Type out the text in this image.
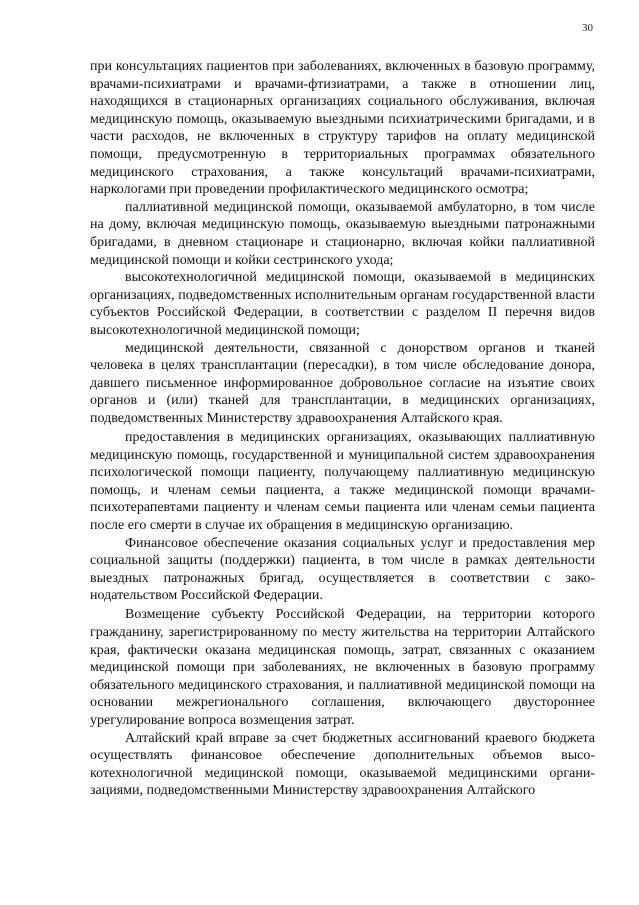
30

при консультациях пациентов при заболеваниях, включенных в базовую программу, врачами-психиатрами и врачами-фтизиатрами, а также в отношении лиц, находящихся в стационарных организациях социального обслуживания, включая медицинскую помощь, оказываемую выездными психиатрическими бригадами, и в части расходов, не включенных в структуру тарифов на оплату медицинской помощи, предусмотренную в территориальных программах обязательного медицинского страхования, а также консультаций врачами-психиатрами, наркологами при проведении профилактического медицинского осмотра;

паллиативной медицинской помощи, оказываемой амбулаторно, в том числе на дому, включая медицинскую помощь, оказываемую выездными патронажными бригадами, в дневном стационаре и стационарно, включая койки паллиативной медицинской помощи и койки сестринского ухода;

высокотехнологичной медицинской помощи, оказываемой в медицинских организациях, подведомственных исполнительным органам государственной власти субъектов Российской Федерации, в соответствии с разделом II перечня видов высокотехнологичной медицинской помощи;

медицинской деятельности, связанной с донорством органов и тканей человека в целях трансплантации (пересадки), в том числе обследование донора, давшего письменное информированное добровольное согласие на изъятие своих органов и (или) тканей для трансплантации, в медицинских организациях, подведомственных Министерству здравоохранения Алтайского края.

предоставления в медицинских организациях, оказывающих паллиативную медицинскую помощь, государственной и муниципальной систем здравоохранения психологической помощи пациенту, получающему паллиативную медицинскую помощь, и членам семьи пациента, а также медицинской помощи врачами-психотерапевтами пациенту и членам семьи пациента или членам семьи пациента после его смерти в случае их обращения в медицинскую организацию.

Финансовое обеспечение оказания социальных услуг и предоставления мер социальной защиты (поддержки) пациента, в том числе в рамках деятельности выездных патронажных бригад, осуществляется в соответствии с законодательством Российской Федерации.

Возмещение субъекту Российской Федерации, на территории которого гражданину, зарегистрированному по месту жительства на территории Алтайского края, фактически оказана медицинская помощь, затрат, связанных с оказанием медицинской помощи при заболеваниях, не включенных в базовую программу обязательного медицинского страхования, и паллиативной медицинской помощи на основании межрегионального соглашения, включающего двустороннее урегулирование вопроса возмещения затрат.

Алтайский край вправе за счет бюджетных ассигнований краевого бюджета осуществлять финансовое обеспечение дополнительных объемов высокотехнологичной медицинской помощи, оказываемой медицинскими организациями, подведомственными Министерству здравоохранения Алтайского
